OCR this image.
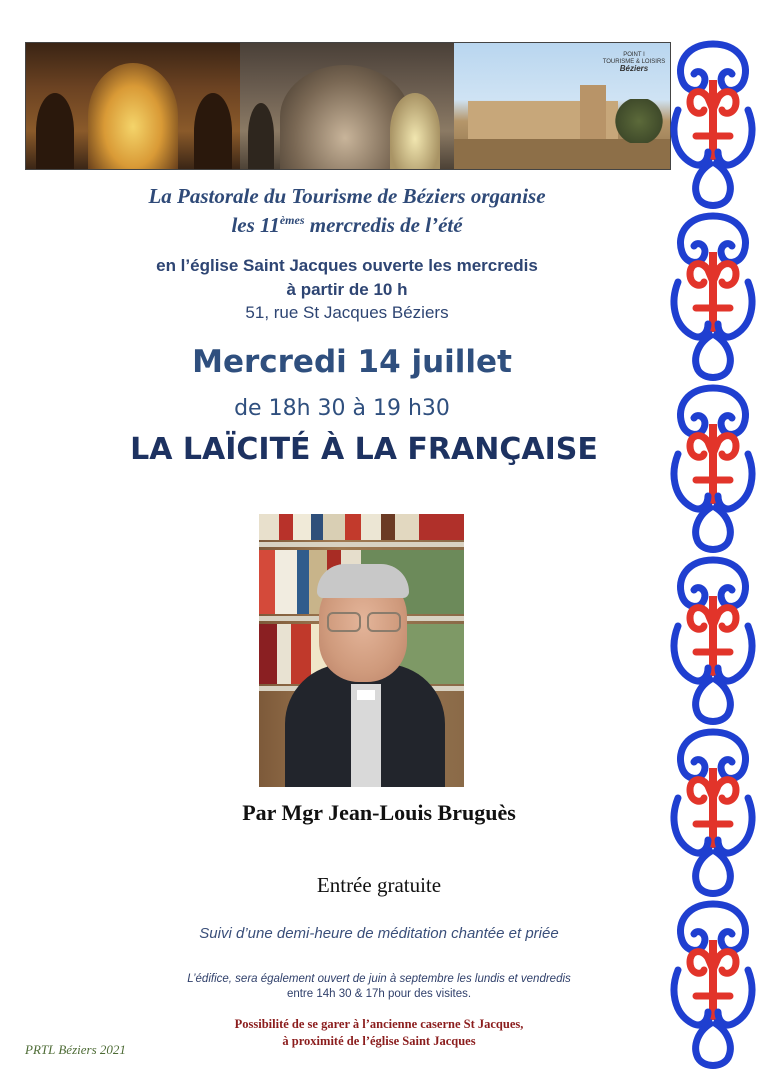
POINT I
TOURISME & LOISIRS
Béziers

La Pastorale du Tourisme de Béziers organise

les 11èmes mercredis de l’été

en l’église Saint Jacques ouverte les mercredis

à partir de 10 h

51, rue St Jacques Béziers

Mercredi 14 juillet

de 18h 30 à 19 h30

LA LAÏCITÉ À LA FRANÇAISE

Par Mgr Jean-Louis Bruguès

Entrée gratuite

Suivi d’une demi-heure de méditation chantée et priée

L’édifice, sera également ouvert de juin à septembre les lundis et vendredis

entre 14h 30 & 17h pour des visites.

Possibilité de se garer à l’ancienne caserne St Jacques,

à proximité de l’église Saint Jacques

PRTL Béziers 2021
